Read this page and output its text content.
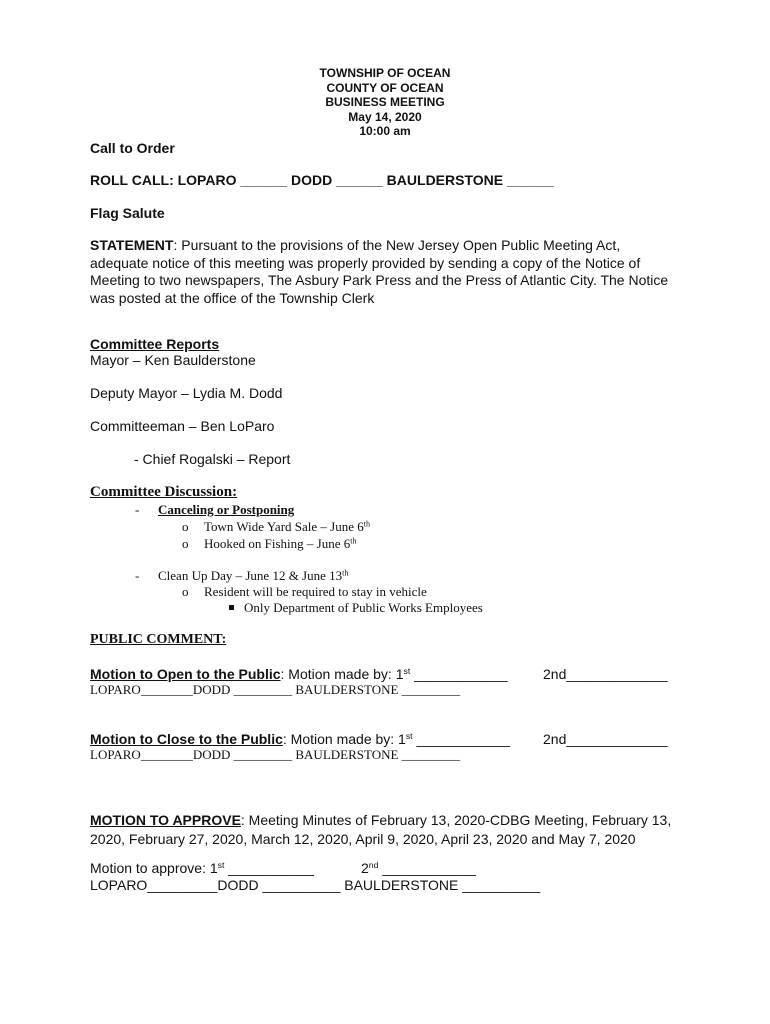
TOWNSHIP OF OCEAN
COUNTY OF OCEAN
BUSINESS MEETING
May 14, 2020
10:00 am
Call to Order
ROLL CALL: LOPARO ______ DODD ______ BAULDERSTONE ______
Flag Salute
STATEMENT: Pursuant to the provisions of the New Jersey Open Public Meeting Act, adequate notice of this meeting was properly provided by sending a copy of the Notice of Meeting to two newspapers, The Asbury Park Press and the Press of Atlantic City. The Notice was posted at the office of the Township Clerk
Committee Reports
Mayor – Ken Baulderstone
Deputy Mayor – Lydia M. Dodd
Committeeman – Ben LoParo
- Chief Rogalski – Report
Committee Discussion:
- Canceling or Postponing
o Town Wide Yard Sale – June 6th
o Hooked on Fishing – June 6th
- Clean Up Day – June 12 & June 13th
o Resident will be required to stay in vehicle
Only Department of Public Works Employees
PUBLIC COMMENT:
Motion to Open to the Public: Motion made by: 1st ____________	2nd_____________
LOPARO________DODD _________ BAULDERSTONE _________
Motion to Close to the Public: Motion made by: 1st ____________ 2nd_____________
LOPARO________DODD _________ BAULDERSTONE _________
MOTION TO APPROVE: Meeting Minutes of February 13, 2020-CDBG Meeting, February 13, 2020, February 27, 2020, March 12, 2020, April 9, 2020, April 23, 2020 and May 7, 2020
Motion to approve: 1st ___________	2nd ____________
LOPARO_________DODD __________ BAULDERSTONE __________
